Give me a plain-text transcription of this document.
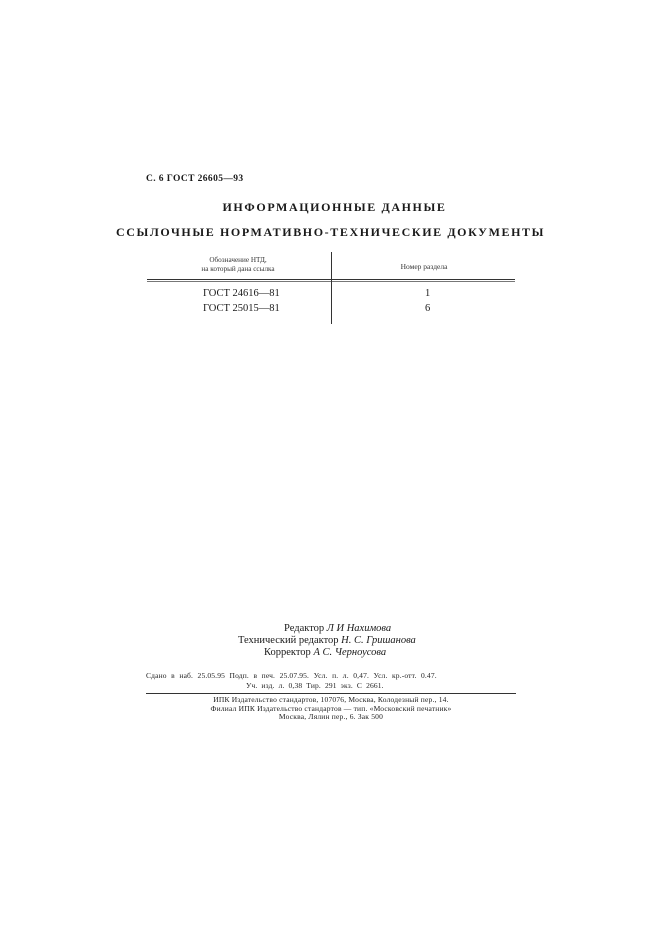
С. 6 ГОСТ 26605—93
ИНФОРМАЦИОННЫЕ ДАННЫЕ
ССЫЛОЧНЫЕ НОРМАТИВНО-ТЕХНИЧЕСКИЕ ДОКУМЕНТЫ
Обозначение НТД,
на который дана ссылка	Номер раздела
ГОСТ 24616—81	1
ГОСТ 25015—81	6
Редактор Л И Нахимова
Технический редактор Н. С. Гришанова
Корректор А С. Черноусова
Сдано в наб. 25.05.95 Подп. в печ. 25.07.95. Усл. п. л. 0,47. Усл. кр.-отт. 0.47.
Уч. изд. л. 0,38 Тир. 291 экз. С 2661.
ИПК Издательство стандартов, 107076, Москва, Колодезный пер., 14.
Филиал ИПК Издательство стандартов — тип. «Московский печатник»
Москва, Лялин пер., 6. Зак 500
